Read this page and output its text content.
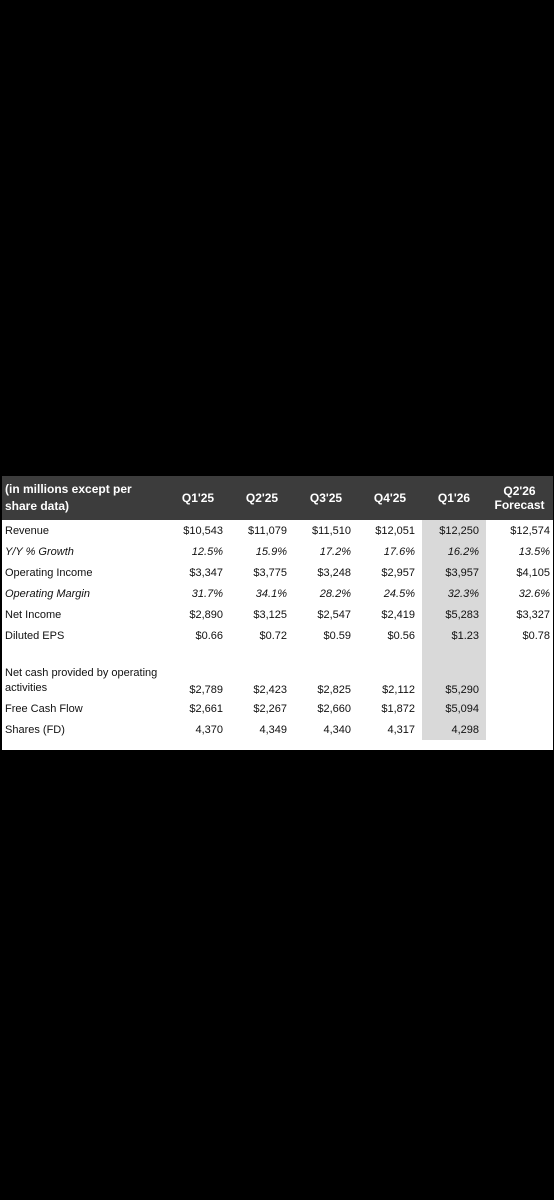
(in millions except per share data)	Q1'25	Q2'25	Q3'25	Q4'25	Q1'26	Q2'26
Forecast

Revenue	$10,543	$11,079	$11,510	$12,051	$12,250	$12,574
Y/Y % Growth	12.5%	15.9%	17.2%	17.6%	16.2%	13.5%
Operating Income	$3,347	$3,775	$3,248	$2,957	$3,957	$4,105
Operating Margin	31.7%	34.1%	28.2%	24.5%	32.3%	32.6%
Net Income	$2,890	$3,125	$2,547	$2,419	$5,283	$3,327
Diluted EPS	$0.66	$0.72	$0.59	$0.56	$1.23	$0.78

Net cash provided by operating activities	$2,789	$2,423	$2,825	$2,112	$5,290	
Free Cash Flow	$2,661	$2,267	$2,660	$1,872	$5,094	
Shares (FD)	4,370	4,349	4,340	4,317	4,298	
